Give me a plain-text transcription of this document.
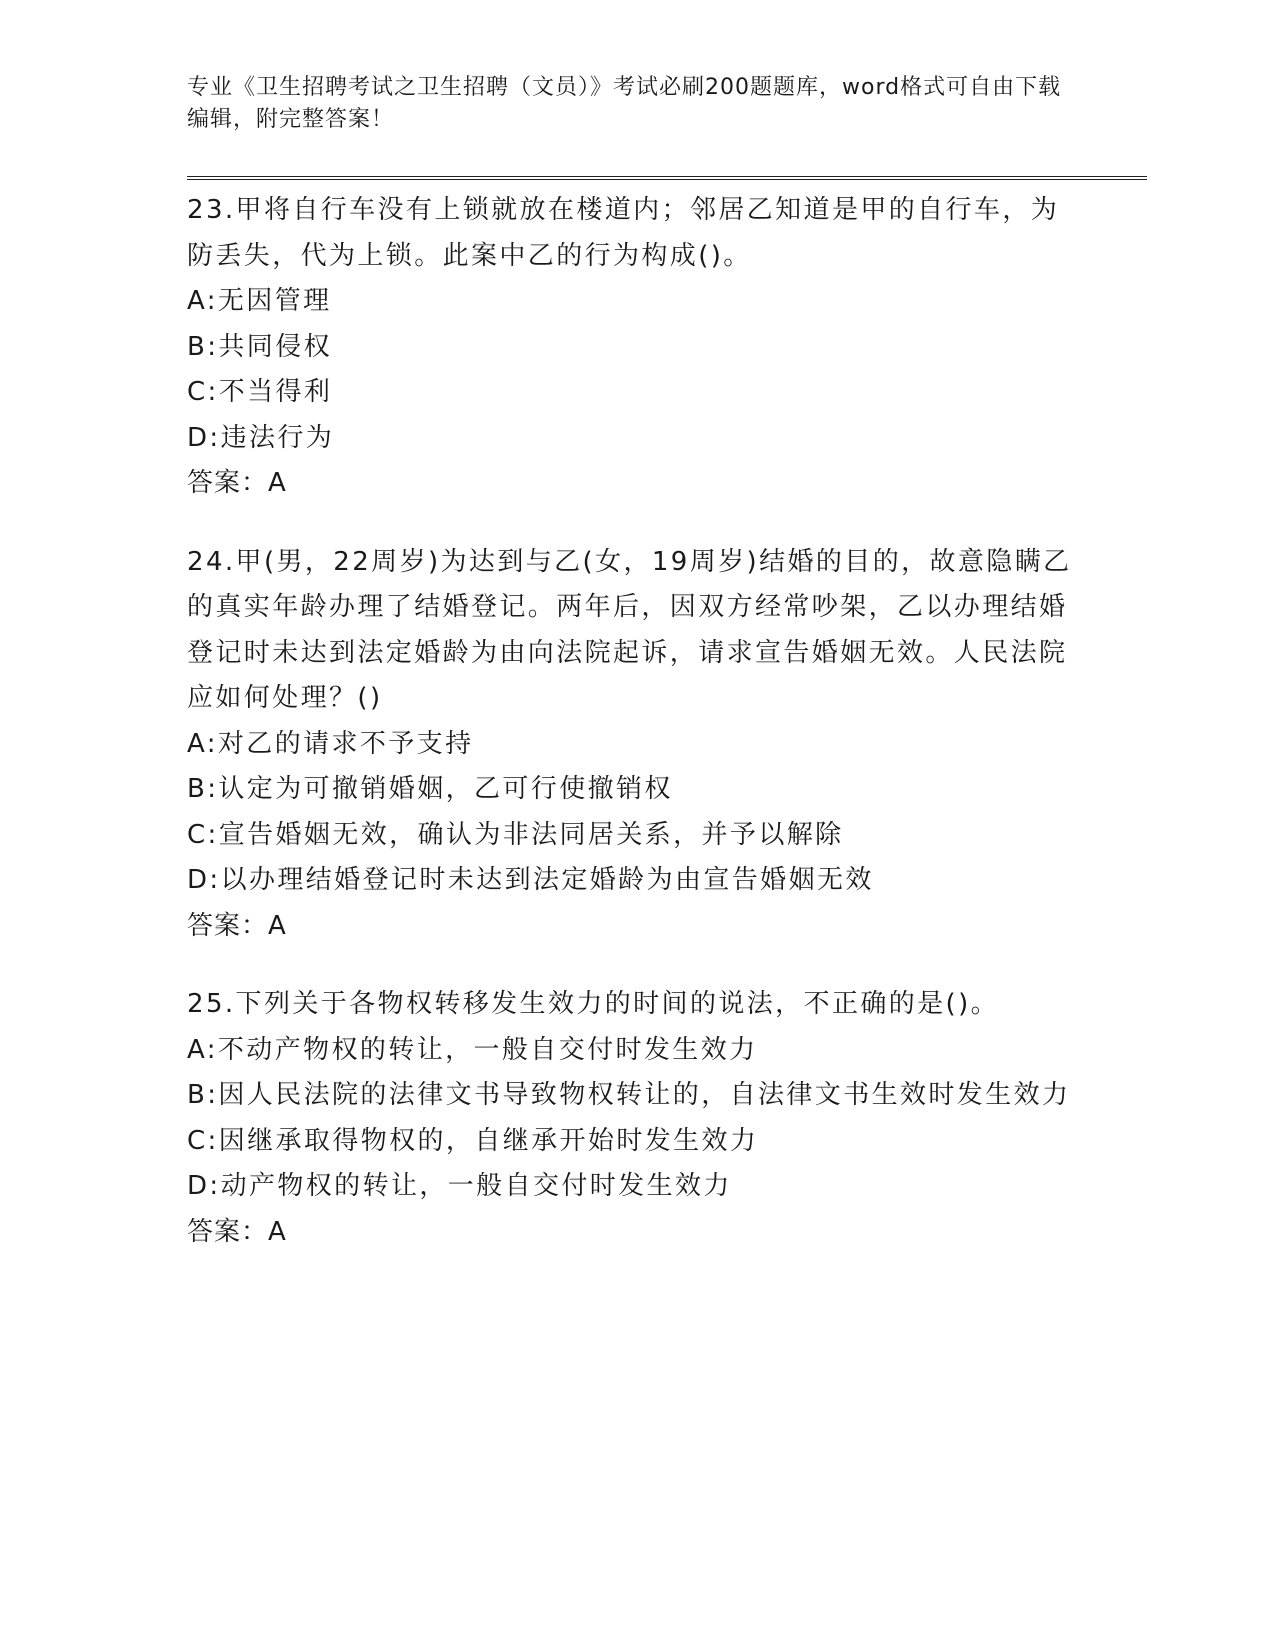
专业《卫生招聘考试之卫生招聘（文员）》考试必刷200题题库，word格式可自由下载编辑，附完整答案！
23.甲将自行车没有上锁就放在楼道内；邻居乙知道是甲的自行车，为防丢失，代为上锁。此案中乙的行为构成()。
A:无因管理
B:共同侵权
C:不当得利
D:违法行为
答案：A
24.甲(男，22周岁)为达到与乙(女，19周岁)结婚的目的，故意隐瞒乙的真实年龄办理了结婚登记。两年后，因双方经常吵架，乙以办理结婚登记时未达到法定婚龄为由向法院起诉，请求宣告婚姻无效。人民法院应如何处理？()
A:对乙的请求不予支持
B:认定为可撤销婚姻，乙可行使撤销权
C:宣告婚姻无效，确认为非法同居关系，并予以解除
D:以办理结婚登记时未达到法定婚龄为由宣告婚姻无效
答案：A
25.下列关于各物权转移发生效力的时间的说法，不正确的是()。
A:不动产物权的转让，一般自交付时发生效力
B:因人民法院的法律文书导致物权转让的，自法律文书生效时发生效力
C:因继承取得物权的，自继承开始时发生效力
D:动产物权的转让，一般自交付时发生效力
答案：A
